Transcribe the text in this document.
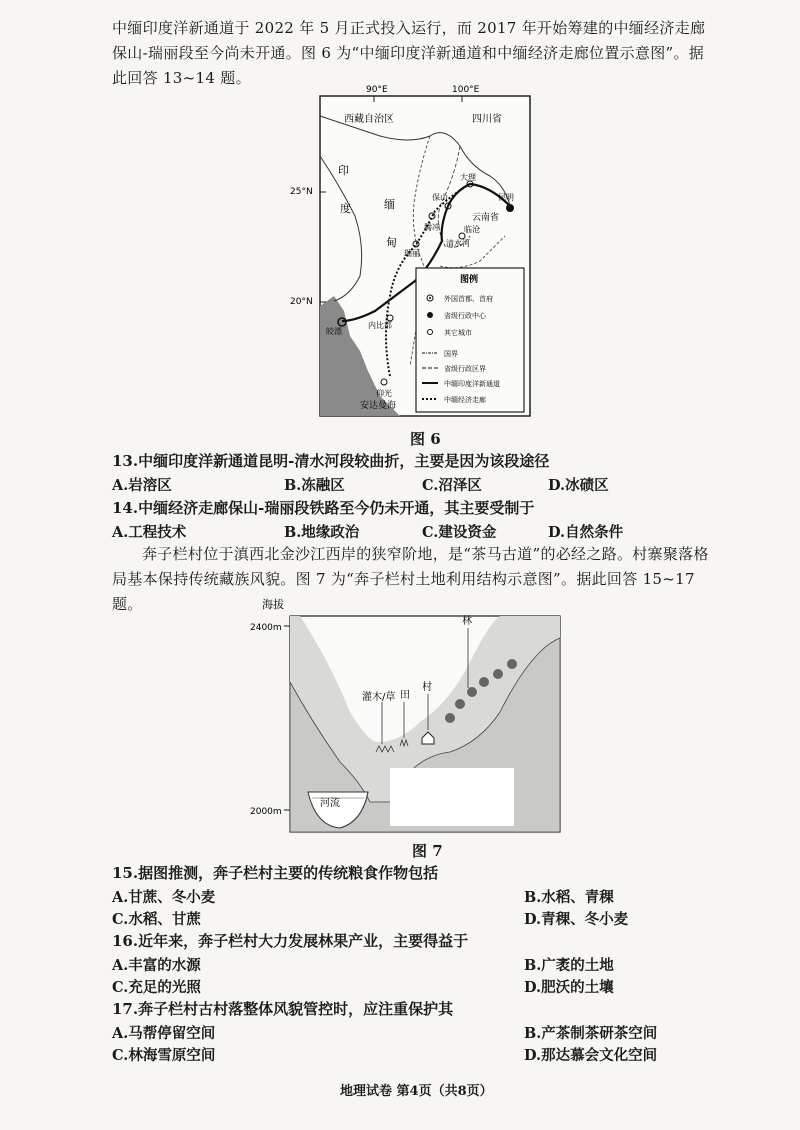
中缅印度洋新通道于 2022 年 5 月正式投入运行，而 2017 年开始筹建的中缅经济走廊保山-瑞丽段至今尚未开通。图 6 为“中缅印度洋新通道和中缅经济走廊位置示意图”。据此回答 13~14 题。
90°E	100°E
25°N
20°N
西藏自治区	四川省
印
度	缅
甸
云南省
昆明
大理
保山
腾冲	临沧
清水河
瑞丽
内比都
皎漂
仰光
安达曼海
图例
外国首都、首府
省级行政中心
其它城市
国界
省级行政区界
中缅印度洋新通道
中缅经济走廊
图 6
13.中缅印度洋新通道昆明-清水河段较曲折，主要是因为该段途径
A.岩溶区	B.冻融区	C.沼泽区	D.冰碛区
14.中缅经济走廊保山-瑞丽段铁路至今仍未开通，其主要受制于
A.工程技术	B.地缘政治	C.建设资金	D.自然条件
奔子栏村位于滇西北金沙江西岸的狭窄阶地，是“茶马古道”的必经之路。村寨聚落格局基本保持传统藏族风貌。图 7 为“奔子栏村土地利用结构示意图”。据此回答 15~17 题。	海拔
2400m
2000m
河流
灌木/草 田
村
林
图 7
15.据图推测，奔子栏村主要的传统粮食作物包括
A.甘蔗、冬小麦	B.水稻、青稞
C.水稻、甘蔗	D.青稞、冬小麦
16.近年来，奔子栏村大力发展林果产业，主要得益于
A.丰富的水源	B.广袤的土地
C.充足的光照	D.肥沃的土壤
17.奔子栏村古村落整体风貌管控时，应注重保护其
A.马帮停留空间	B.产茶制茶研茶空间
C.林海雪原空间	D.那达慕会文化空间
地理试卷 第4页（共8页）
